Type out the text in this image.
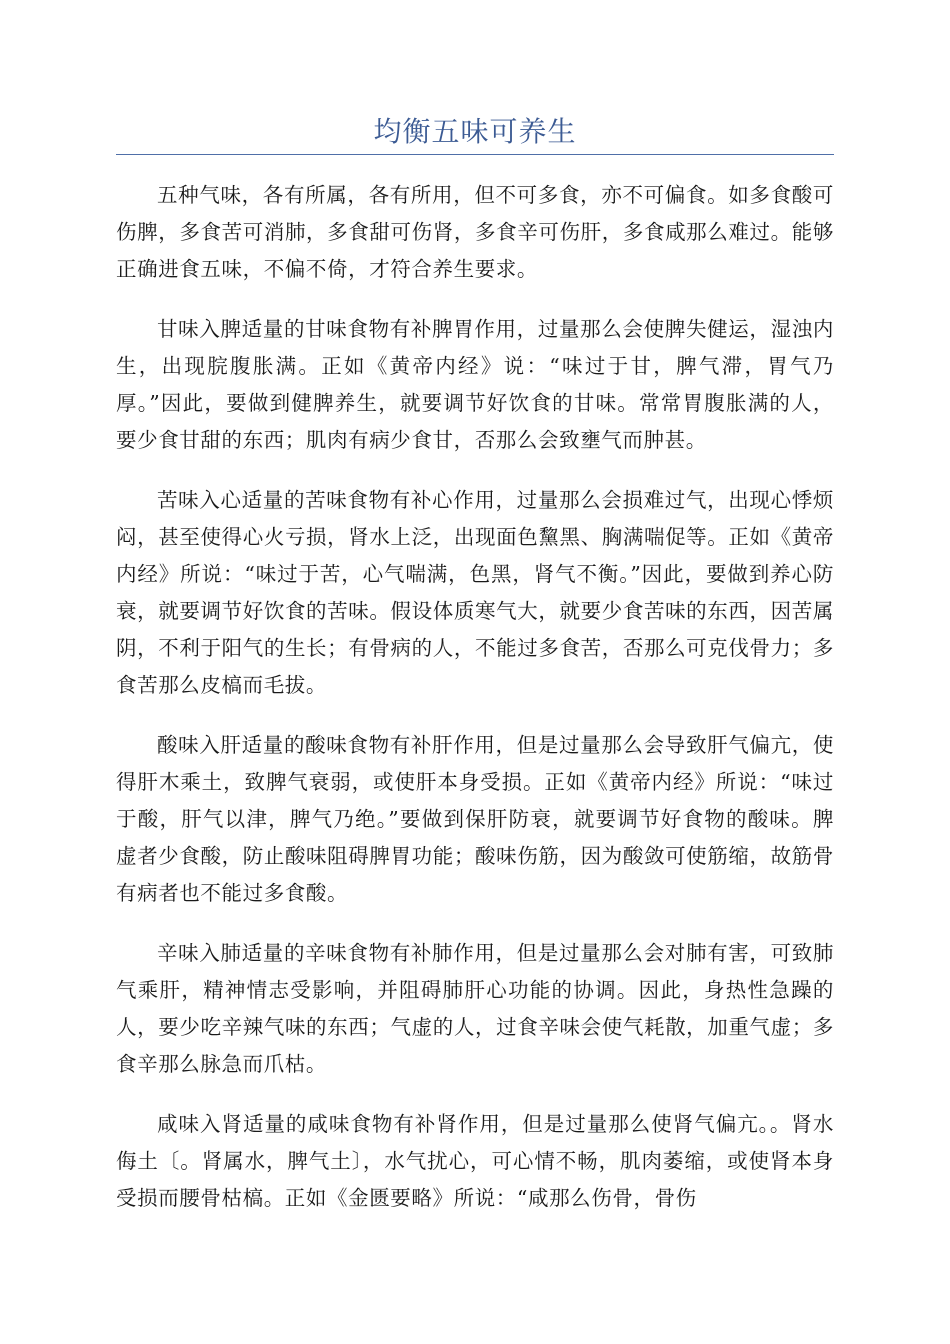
均衡五味可养生

五种气味，各有所属，各有所用，但不可多食，亦不可偏食。如多食酸可伤脾，多食苦可消肺，多食甜可伤肾，多食辛可伤肝，多食咸那么难过。能够正确进食五味，不偏不倚，才符合养生要求。

甘味入脾适量的甘味食物有补脾胃作用，过量那么会使脾失健运，湿浊内生，出现脘腹胀满。正如《黄帝内经》说：“味过于甘，脾气滞，胃气乃厚。”因此，要做到健脾养生，就要调节好饮食的甘味。常常胃腹胀满的人，要少食甘甜的东西；肌肉有病少食甘，否那么会致壅气而肿甚。

苦味入心适量的苦味食物有补心作用，过量那么会损难过气，出现心悸烦闷，甚至使得心火亏损，肾水上泛，出现面色黧黑、胸满喘促等。正如《黄帝内经》所说：“味过于苦，心气喘满，色黑，肾气不衡。”因此，要做到养心防衰，就要调节好饮食的苦味。假设体质寒气大，就要少食苦味的东西，因苦属阴，不利于阳气的生长；有骨病的人，不能过多食苦，否那么可克伐骨力；多食苦那么皮槁而毛拔。

酸味入肝适量的酸味食物有补肝作用，但是过量那么会导致肝气偏亢，使得肝木乘土，致脾气衰弱，或使肝本身受损。正如《黄帝内经》所说：“味过于酸，肝气以津，脾气乃绝。”要做到保肝防衰，就要调节好食物的酸味。脾虚者少食酸，防止酸味阻碍脾胃功能；酸味伤筋，因为酸敛可使筋缩，故筋骨有病者也不能过多食酸。

辛味入肺适量的辛味食物有补肺作用，但是过量那么会对肺有害，可致肺气乘肝，精神情志受影响，并阻碍肺肝心功能的协调。因此，身热性急躁的人，要少吃辛辣气味的东西；气虚的人，过食辛味会使气耗散，加重气虚；多食辛那么脉急而爪枯。

咸味入肾适量的咸味食物有补肾作用，但是过量那么使肾气偏亢。。肾水侮土〔。肾属水，脾气土〕，水气扰心，可心情不畅，肌肉萎缩，或使肾本身受损而腰骨枯槁。正如《金匮要略》所说：“咸那么伤骨，骨伤
